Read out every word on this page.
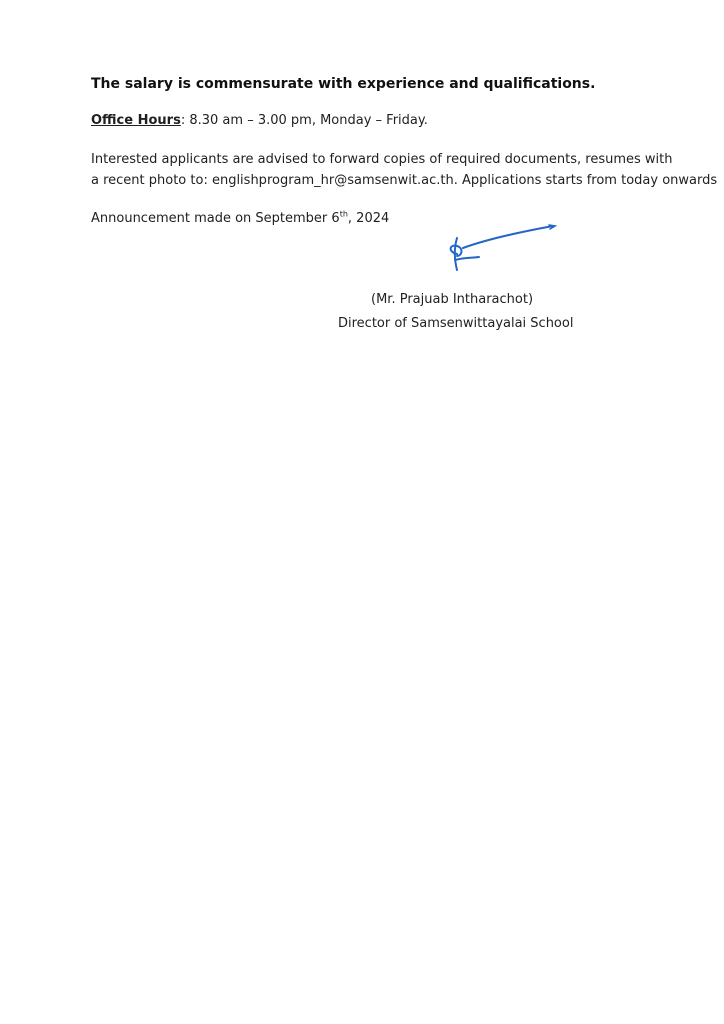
The salary is commensurate with experience and qualifications.
Office Hours: 8.30 am – 3.00 pm, Monday – Friday.
Interested applicants are advised to forward copies of required documents, resumes with
a recent photo to: englishprogram_hr@samsenwit.ac.th. Applications starts from today onwards
Announcement made on September 6th, 2024
(Mr. Prajuab Intharachot)
Director of Samsenwittayalai School
